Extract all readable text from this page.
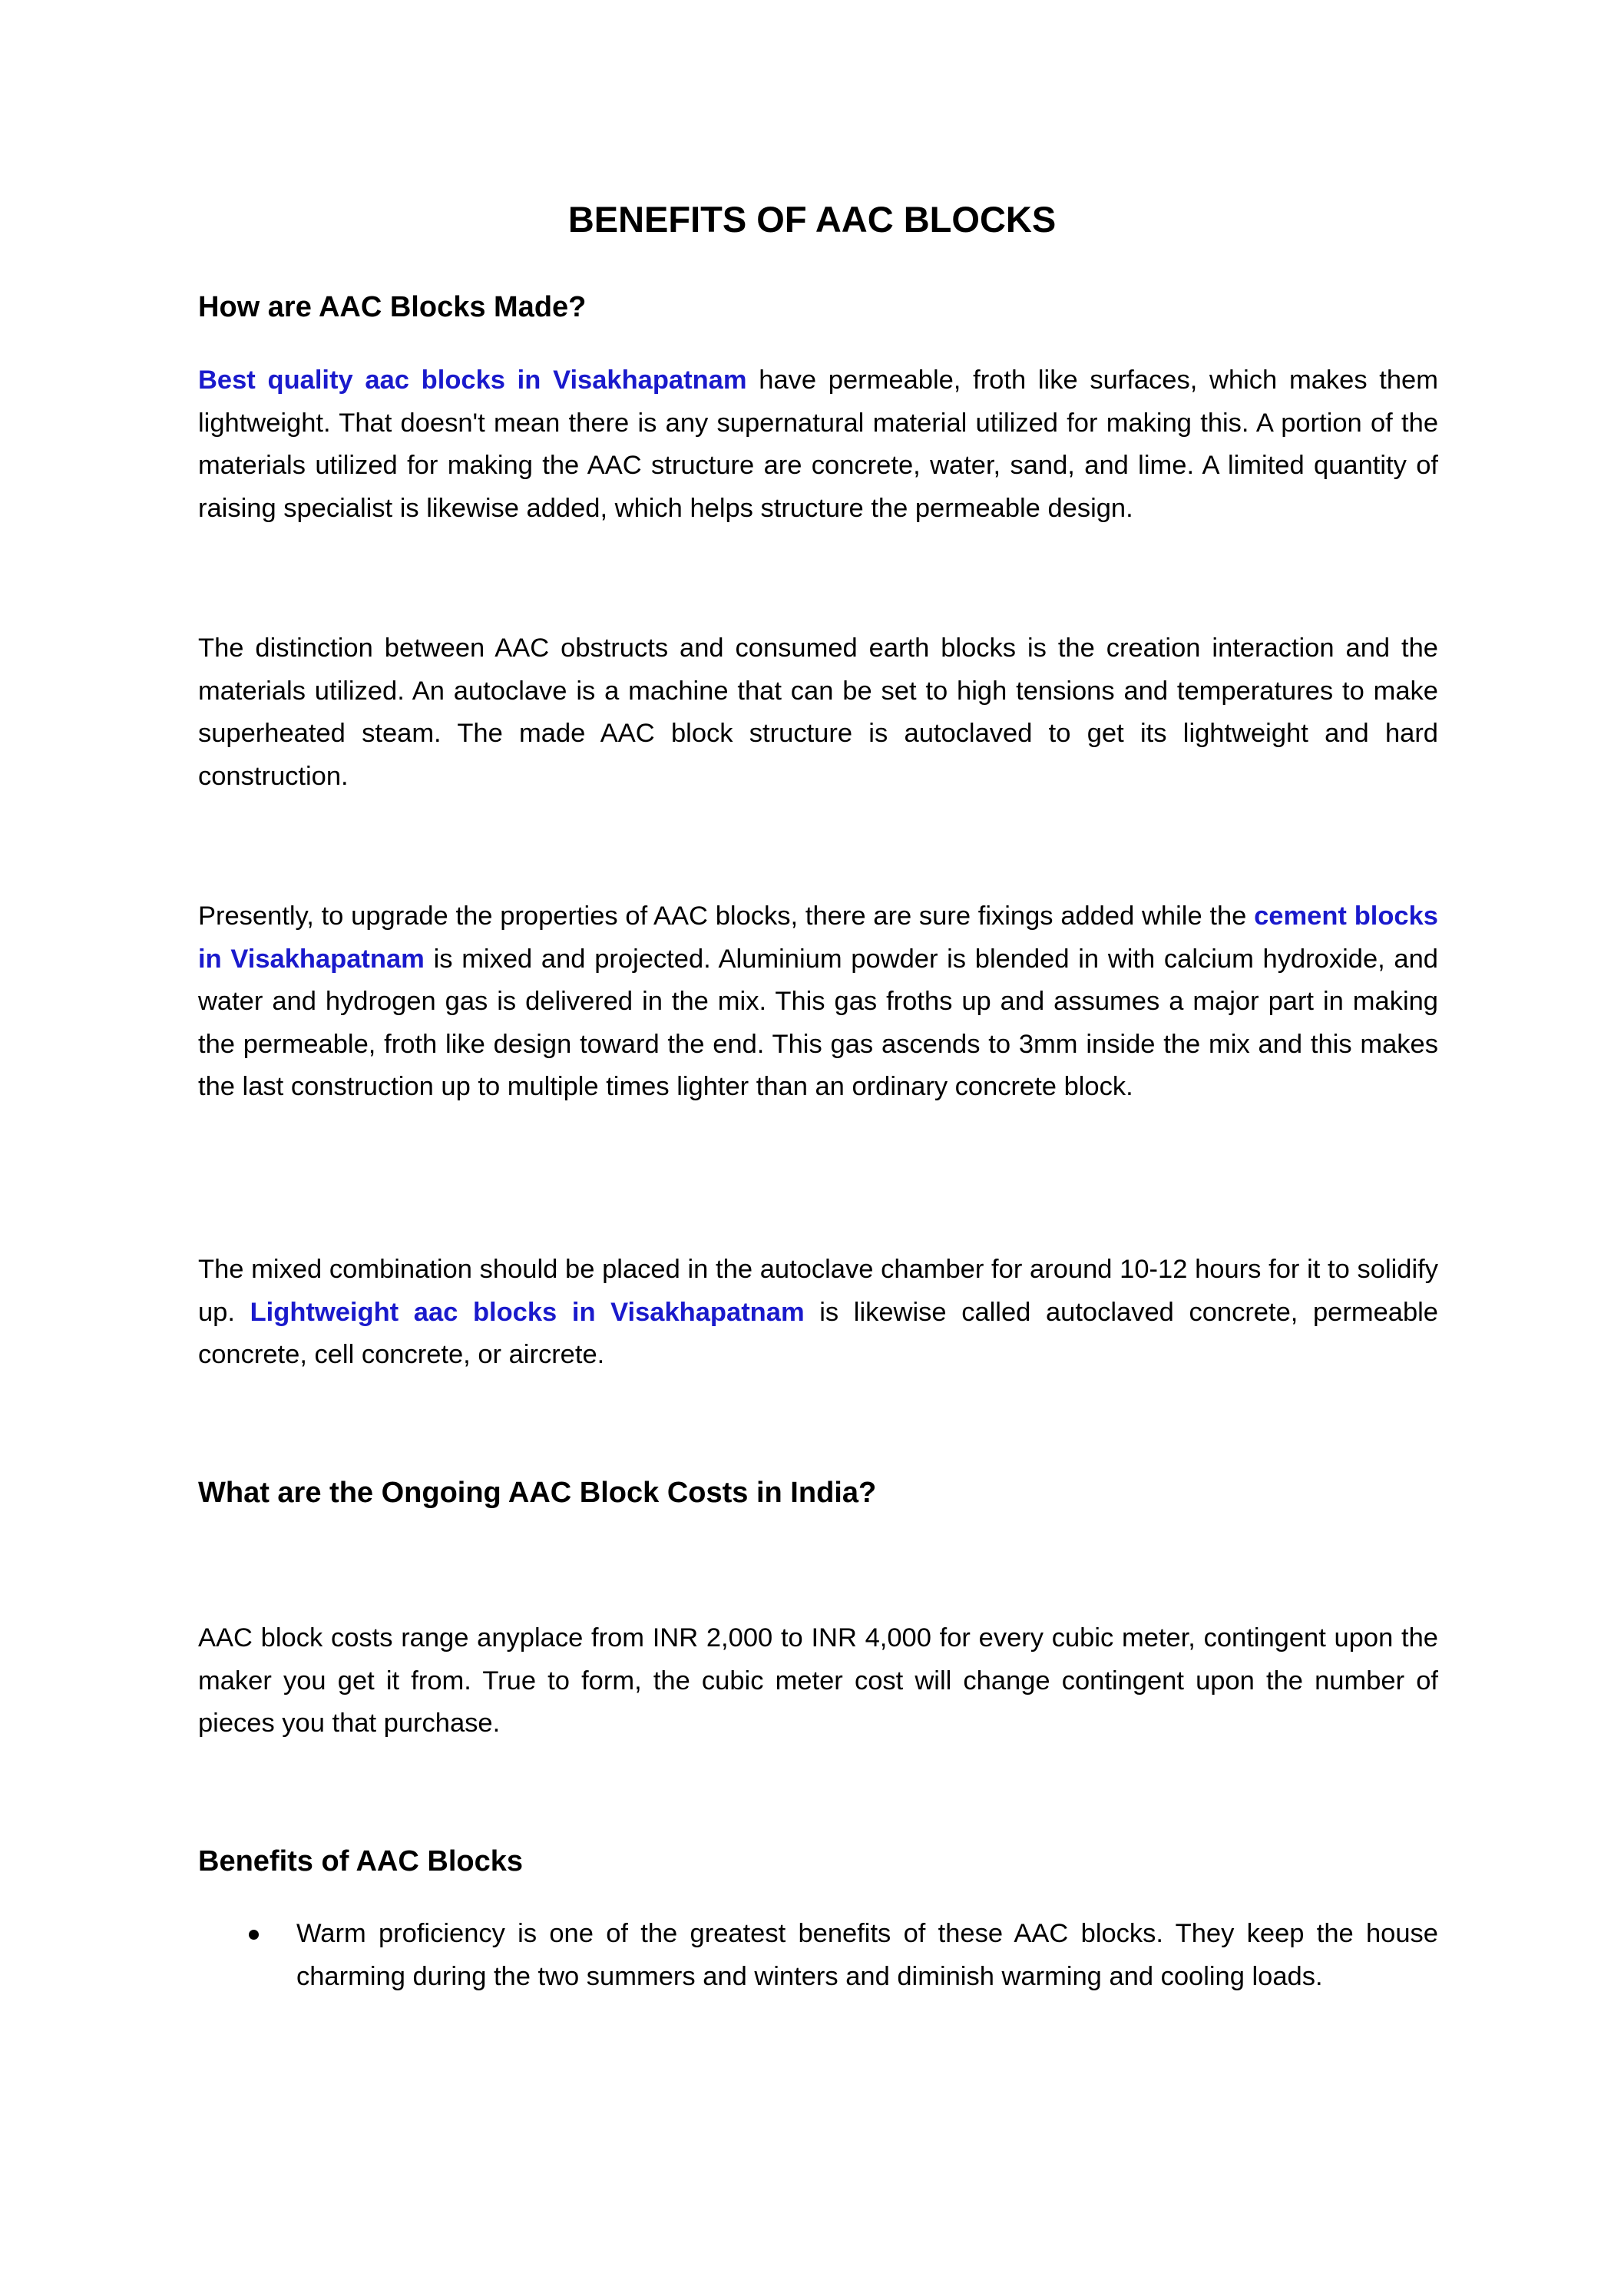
BENEFITS OF AAC BLOCKS
How are AAC Blocks Made?

Best quality aac blocks in Visakhapatnam have permeable, froth like surfaces, which makes them lightweight. That doesn't mean there is any supernatural material utilized for making this. A portion of the materials utilized for making the AAC structure are concrete, water, sand, and lime. A limited quantity of raising specialist is likewise added, which helps structure the permeable design.

The distinction between AAC obstructs and consumed earth blocks is the creation interaction and the materials utilized. An autoclave is a machine that can be set to high tensions and temperatures to make superheated steam. The made AAC block structure is autoclaved to get its lightweight and hard construction.

Presently, to upgrade the properties of AAC blocks, there are sure fixings added while the cement blocks in Visakhapatnam is mixed and projected. Aluminium powder is blended in with calcium hydroxide, and water and hydrogen gas is delivered in the mix. This gas froths up and assumes a major part in making the permeable, froth like design toward the end. This gas ascends to 3mm inside the mix and this makes the last construction up to multiple times lighter than an ordinary concrete block.

The mixed combination should be placed in the autoclave chamber for around 10-12 hours for it to solidify up. Lightweight aac blocks in Visakhapatnam is likewise called autoclaved concrete, permeable concrete, cell concrete, or aircrete.

What are the Ongoing AAC Block Costs in India?

AAC block costs range anyplace from INR 2,000 to INR 4,000 for every cubic meter, contingent upon the maker you get it from. True to form, the cubic meter cost will change contingent upon the number of pieces you that purchase.

Benefits of AAC Blocks
Warm proficiency is one of the greatest benefits of these AAC blocks. They keep the house charming during the two summers and winters and diminish warming and cooling loads.
